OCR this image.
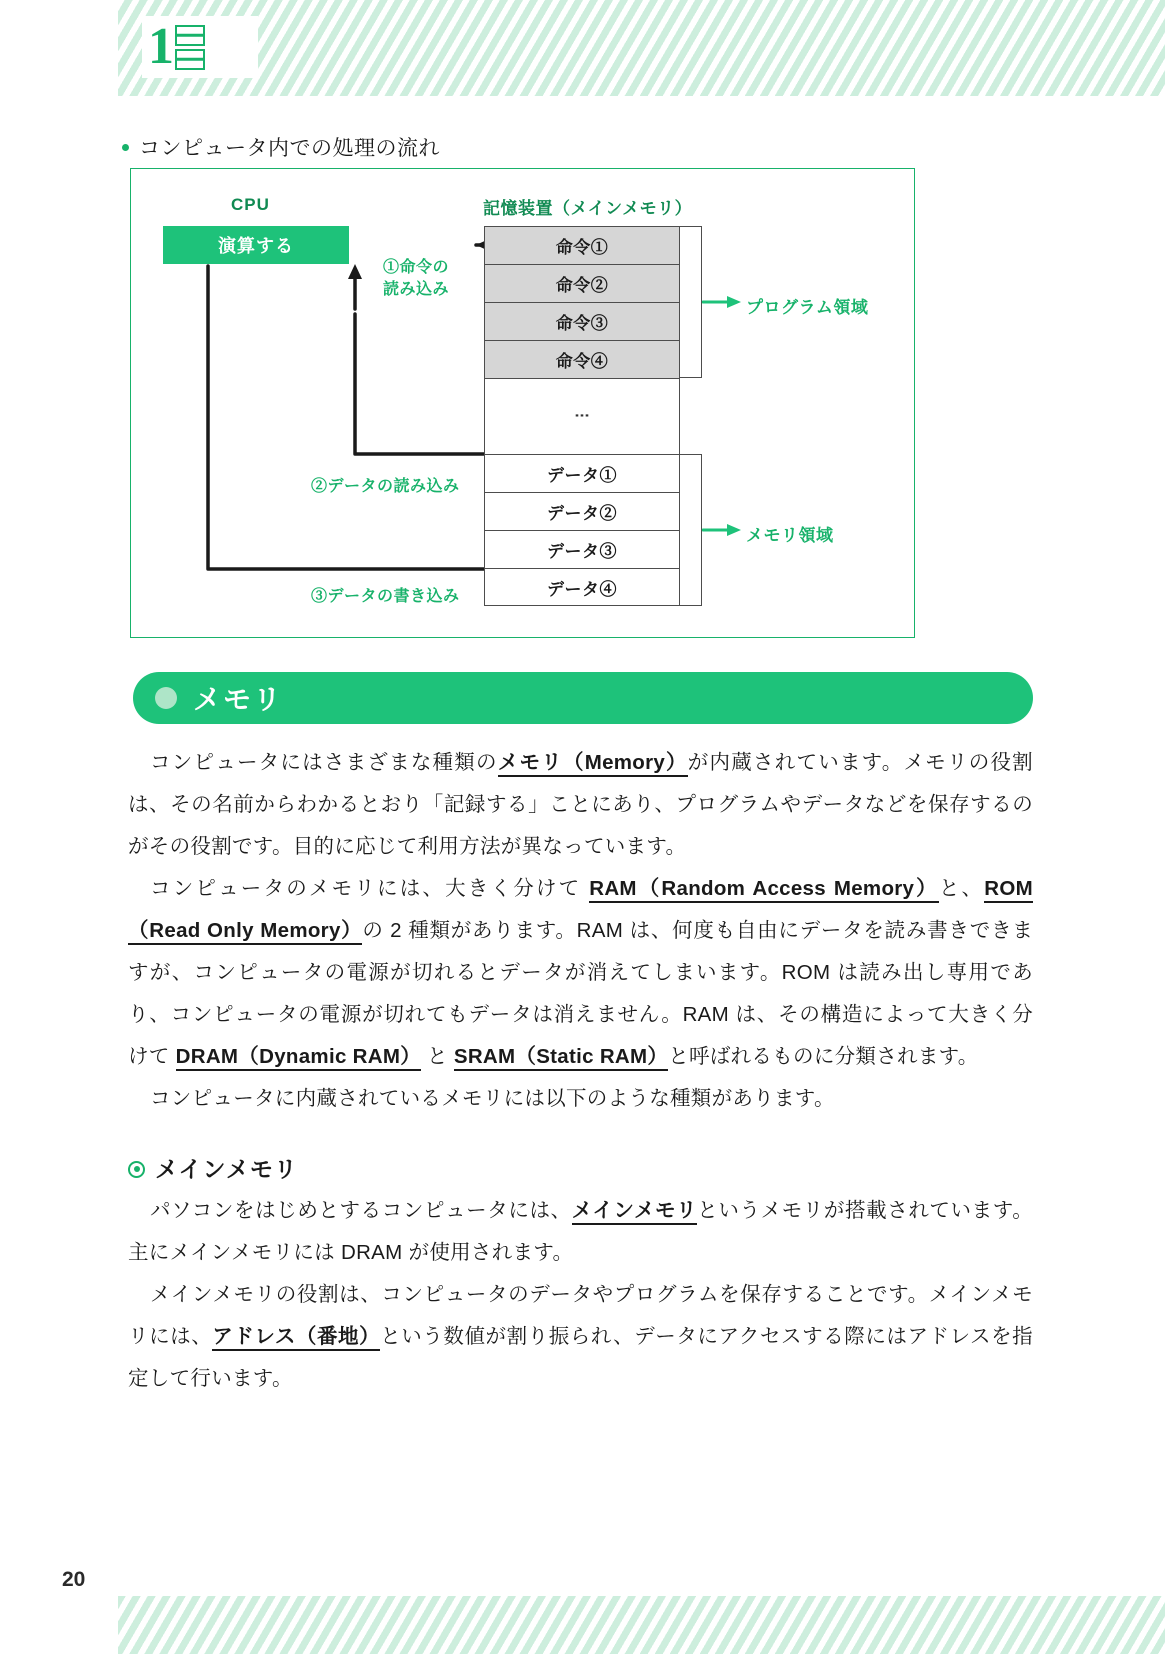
1
コンピュータ内での処理の流れ
CPU	記憶装置（メインメモリ）
演算する	命令①
命令②
命令③
命令④
⋮
データ①
データ②
データ③
データ④
プログラム領域
メモリ領域
①命令の
読み込み
②データの読み込み
③データの書き込み
メモリ

コンピュータにはさまざまな種類のメモリ（Memory）が内蔵されています。メモリの役割は、その名前からわかるとおり「記録する」ことにあり、プログラムやデータなどを保存するのがその役割です。目的に応じて利用方法が異なっています。

コンピュータのメモリには、大きく分けて RAM（Random Access Memory）と、ROM（Read Only Memory）の 2 種類があります。RAM は、何度も自由にデータを読み書きできますが、コンピュータの電源が切れるとデータが消えてしまいます。ROM は読み出し専用であり、コンピュータの電源が切れてもデータは消えません。RAM は、その構造によって大きく分けて DRAM（Dynamic RAM） と SRAM（Static RAM）と呼ばれるものに分類されます。

コンピュータに内蔵されているメモリには以下のような種類があります。

メインメモリ

パソコンをはじめとするコンピュータには、メインメモリというメモリが搭載されています。主にメインメモリには DRAM が使用されます。

メインメモリの役割は、コンピュータのデータやプログラムを保存することです。メインメモリには、アドレス（番地）という数値が割り振られ、データにアクセスする際にはアドレスを指定して行います。

20
